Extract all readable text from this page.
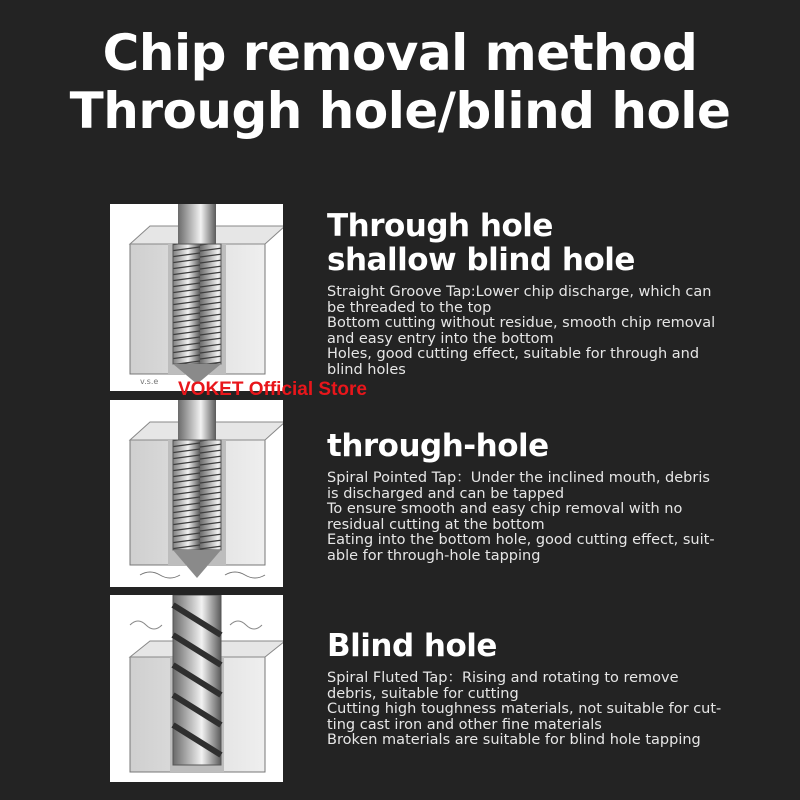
Chip removal method
Through hole/blind hole
v.s.e VOKET Official Store
Through hole
shallow blind hole
Straight Groove Tap:Lower chip discharge, which can
be threaded to the top
Bottom cutting without residue, smooth chip removal
and easy entry into the bottom
Holes, good cutting effect, suitable for through and
blind holes
through-hole
Spiral Pointed Tap：Under the inclined mouth, debris
is discharged and can be tapped
To ensure smooth and easy chip removal with no
residual cutting at the bottom
Eating into the bottom hole, good cutting effect, suit-
able for through-hole tapping
Blind hole
Spiral Fluted Tap：Rising and rotating to remove
debris, suitable for cutting
Cutting high toughness materials, not suitable for cut-
ting cast iron and other fine materials
Broken materials are suitable for blind hole tapping
